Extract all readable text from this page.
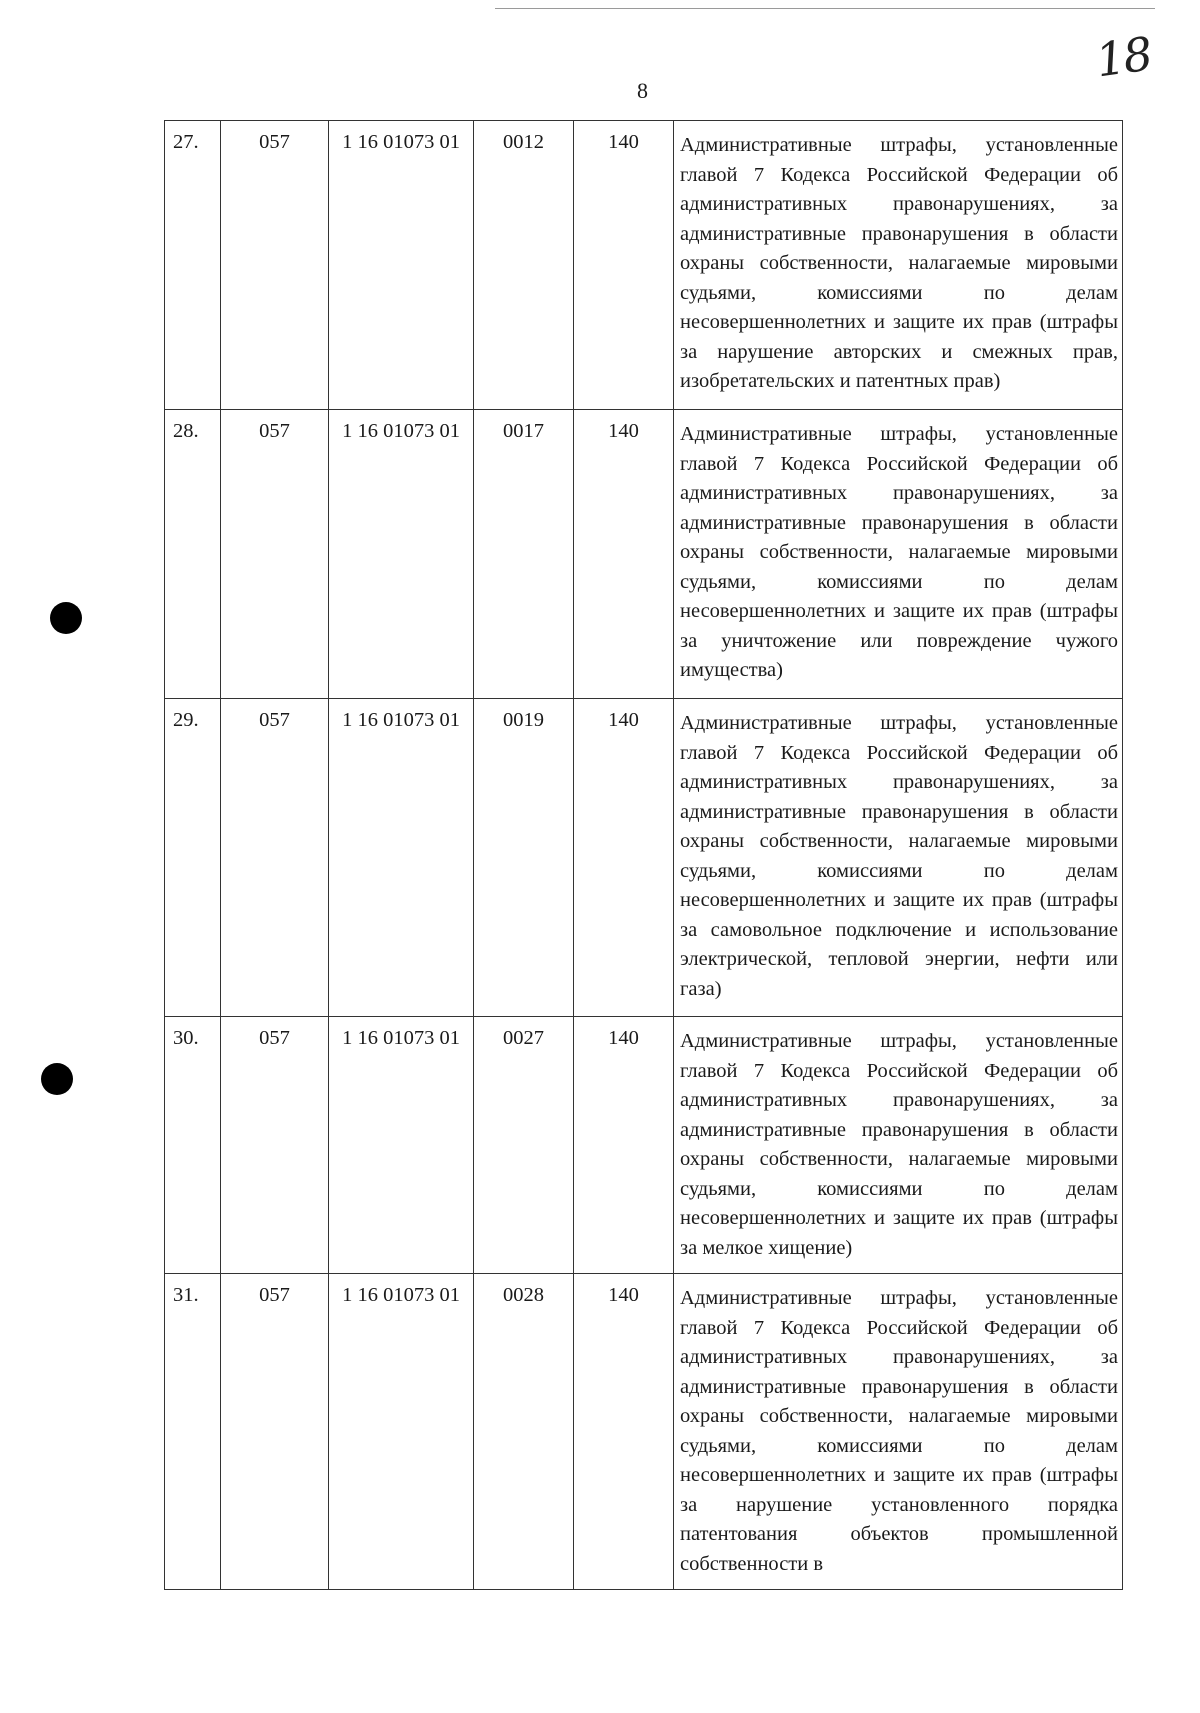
18
8
27.	057	1 16 01073 01	0012	140	Административные штрафы, установленные главой 7 Кодекса Российской Федерации об административных правонарушениях, за административные правонарушения в области охраны собственности, налагаемые мировыми судьями, комиссиями по делам несовершеннолетних и защите их прав (штрафы за нарушение авторских и смежных прав, изобретательских и патентных прав)
28.	057	1 16 01073 01	0017	140	Административные штрафы, установленные главой 7 Кодекса Российской Федерации об административных правонарушениях, за административные правонарушения в области охраны собственности, налагаемые мировыми судьями, комиссиями по делам несовершеннолетних и защите их прав (штрафы за уничтожение или повреждение чужого имущества)
29.	057	1 16 01073 01	0019	140	Административные штрафы, установленные главой 7 Кодекса Российской Федерации об административных правонарушениях, за административные правонарушения в области охраны собственности, налагаемые мировыми судьями, комиссиями по делам несовершеннолетних и защите их прав (штрафы за самовольное подключение и использование электрической, тепловой энергии, нефти или газа)
30.	057	1 16 01073 01	0027	140	Административные штрафы, установленные главой 7 Кодекса Российской Федерации об административных правонарушениях, за административные правонарушения в области охраны собственности, налагаемые мировыми судьями, комиссиями по делам несовершеннолетних и защите их прав (штрафы за мелкое хищение)
31.	057	1 16 01073 01	0028	140	Административные штрафы, установленные главой 7 Кодекса Российской Федерации об административных правонарушениях, за административные правонарушения в области охраны собственности, налагаемые мировыми судьями, комиссиями по делам несовершеннолетних и защите их прав (штрафы за нарушение установленного порядка патентования объектов промышленной собственности в
